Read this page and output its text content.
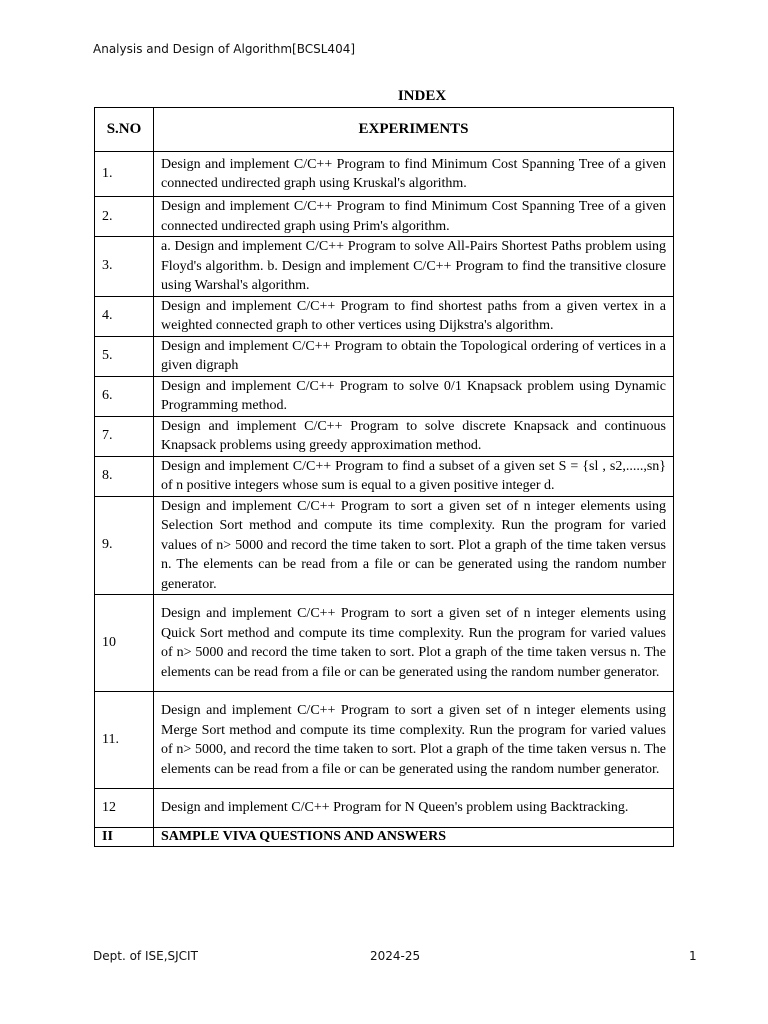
Analysis and Design of Algorithm[BCSL404]
INDEX
S.NO	EXPERIMENTS
1.	Design and implement C/C++ Program to find Minimum Cost Spanning Tree of a given connected undirected graph using Kruskal's algorithm.
2.	Design and implement C/C++ Program to find Minimum Cost Spanning Tree of a given connected undirected graph using Prim's algorithm.
3.	a. Design and implement C/C++ Program to solve All-Pairs Shortest Paths problem using Floyd's algorithm. b. Design and implement C/C++ Program to find the transitive closure using Warshal's algorithm.
4.	Design and implement C/C++ Program to find shortest paths from a given vertex in a weighted connected graph to other vertices using Dijkstra's algorithm.
5.	Design and implement C/C++ Program to obtain the Topological ordering of vertices in a given digraph
6.	Design and implement C/C++ Program to solve 0/1 Knapsack problem using Dynamic Programming method.
7.	Design and implement C/C++ Program to solve discrete Knapsack and continuous Knapsack problems using greedy approximation method.
8.	Design and implement C/C++ Program to find a subset of a given set S = {sl , s2,.....,sn} of n positive integers whose sum is equal to a given positive integer d.
9.	Design and implement C/C++ Program to sort a given set of n integer elements using Selection Sort method and compute its time complexity. Run the program for varied values of n> 5000 and record the time taken to sort. Plot a graph of the time taken versus n. The elements can be read from a file or can be generated using the random number generator.
10	Design and implement C/C++ Program to sort a given set of n integer elements using Quick Sort method and compute its time complexity. Run the program for varied values of n> 5000 and record the time taken to sort. Plot a graph of the time taken versus n. The elements can be read from a file or can be generated using the random number generator.
11.	Design and implement C/C++ Program to sort a given set of n integer elements using Merge Sort method and compute its time complexity. Run the program for varied values of n> 5000, and record the time taken to sort. Plot a graph of the time taken versus n. The elements can be read from a file or can be generated using the random number generator.
12	Design and implement C/C++ Program for N Queen's problem using Backtracking.
II	SAMPLE VIVA QUESTIONS AND ANSWERS
Dept. of ISE,SJCIT	2024-25	1
